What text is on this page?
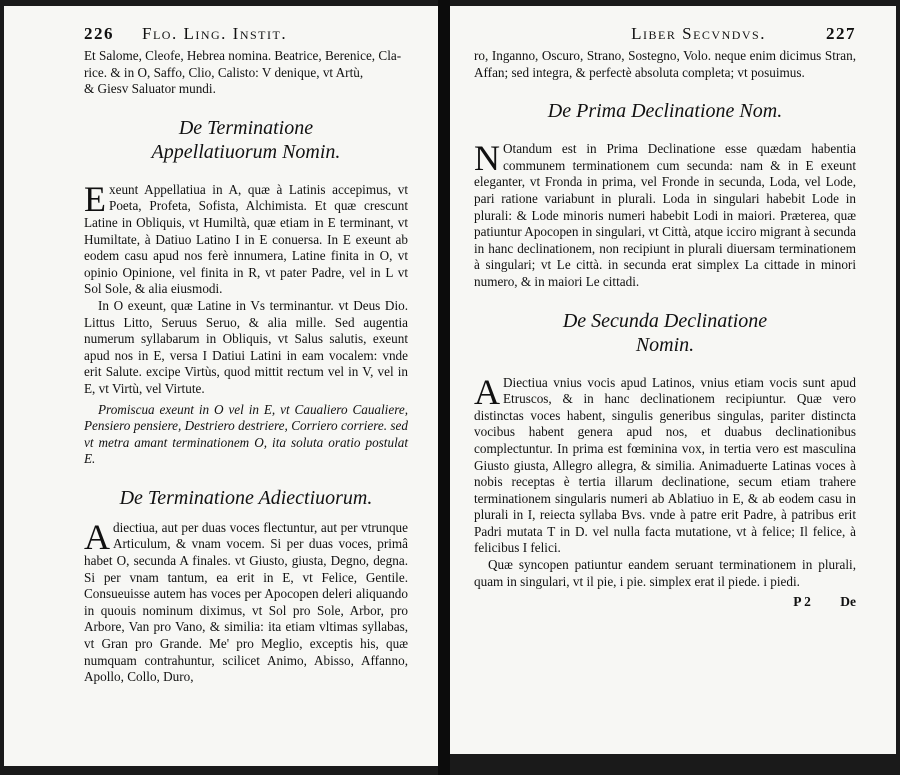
226 Flo. Ling. Instit.

Et Salome, Cleofe, Hebrea nomina. Beatrice, Berenice, Cla-

rice. & in O, Saffo, Clio, Calisto: V denique, vt Artù,

& Giesv Saluator mundi.

De Terminatione Appellatiuorum Nomin.

E xeunt Appellatiua in A, quæ à Latinis accepimus, vt Poeta, Profeta, Sofista, Alchimista. Et quæ crescunt Latine in Obliquis, vt Humiltà, quæ etiam in E terminant, vt Humiltate, à Datiuo Latino I in E conuersa. In E exeunt ab eodem casu apud nos ferè innumera, Latine finita in O, vt opinio Opinione, vel finita in R, vt pater Padre, vel in L vt Sol Sole, & alia eiusmodi.

In O exeunt, quæ Latine in Vs terminantur. vt Deus Dio. Littus Litto, Seruus Seruo, & alia mille. Sed augentia numerum syllabarum in Obliquis, vt Salus salutis, exeunt apud nos in E, versa I Datiui Latini in eam vocalem: vnde erit Salute. excipe Virtùs, quod mittit rectum vel in V, vel in E, vt Virtù, vel Virtute.

Promiscua exeunt in O vel in E, vt Caualiero Caualiere, Pensiero pensiere, Destriero destriere, Corriero corriere. sed vt metra amant terminationem O, ita soluta oratio postulat E.

De Terminatione Adiectiuorum.

A diectiua, aut per duas voces flectuntur, aut per vtrunque Articulum, & vnam vocem. Si per duas voces, primâ habet O, secunda A finales. vt Giusto, giusta, Degno, degna. Si per vnam tantum, ea erit in E, vt Felice, Gentile. Consueuisse autem has voces per Apocopen deleri aliquando in quouis nominum diximus, vt Sol pro Sole, Arbor, pro Arbore, Van pro Vano, & similia: ita etiam vltimas syllabas, vt Gran pro Grande. Me' pro Meglio, exceptis his, quæ numquam contrahuntur, scilicet Animo, Abisso, Affanno, Apollo, Collo, Duro,

Liber Secvndvs.	227

ro, Inganno, Oscuro, Strano, Sostegno, Volo. neque enim dicimus Stran, Affan; sed integra, & perfectè absoluta completa; vt posuimus.

De Prima Declinatione Nom.

N Otandum est in Prima Declinatione esse quædam habentia communem terminationem cum secunda: nam & in E exeunt eleganter, vt Fronda in prima, vel Fronde in secunda, Loda, vel Lode, pari ratione variabunt in plurali. Loda in singulari habebit Lode in plurali: & Lode minoris numeri habebit Lodi in maiori. Præterea, quæ patiuntur Apocopen in singulari, vt Città, atque icciro migrant à secunda in hanc declinationem, non recipiunt in plurali diuersam terminationem à singulari; vt Le città. in secunda erat simplex La cittade in minori numero, & in maiori Le cittadi.

De Secunda Declinatione Nomin.

A Diectiua vnius vocis apud Latinos, vnius etiam vocis sunt apud Etruscos, & in hanc declinationem recipiuntur. Quæ vero distinctas voces habent, singulis generibus singulas, pariter distincta vocibus habent genera apud nos, et duabus declinationibus complectuntur. In prima est fœminina vox, in tertia vero est masculina Giusto giusta, Allegro allegra, & similia. Animaduerte Latinas voces à nobis receptas è tertia illarum declinatione, secum etiam trahere terminationem singularis numeri ab Ablatiuo in E, & ab eodem casu in plurali in I, reiecta syllaba Bvs. vnde à patre erit Padre, à patribus erit Padri mutata T in D. vel nulla facta mutatione, vt à felice; Il felice, à felicibus I felici.

Quæ syncopen patiuntur eandem seruant terminationem in plurali, quam in singulari, vt il pie, i pie. simplex erat il piede. i piedi.

P 2 De
